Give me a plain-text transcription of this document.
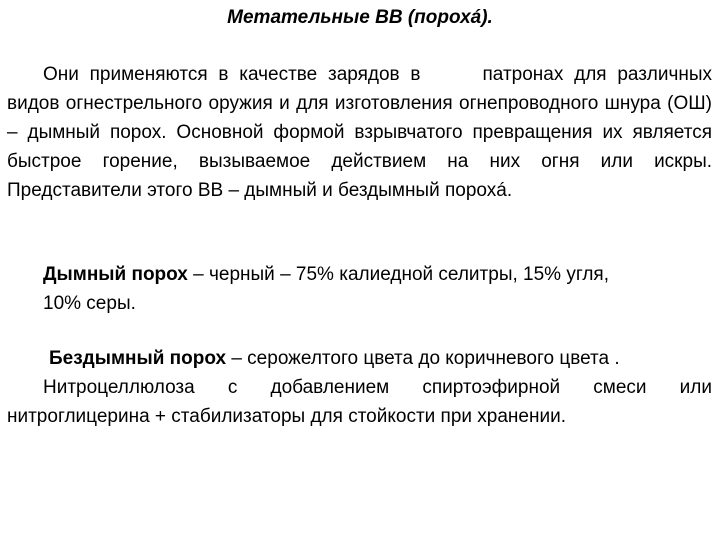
Метательные ВВ (порохá).

Они применяются в качестве зарядов в	патронах для различных видов огнестрельного оружия и для изготовления огнепроводного шнура (ОШ) – дымный порох. Основной формой взрывчатого превращения их является быстрое горение, вызываемое действием на них огня или искры. Представители этого ВВ – дымный и бездымный порохá.

Дымный порох – черный – 75% калиедной селитры, 15% угля,
10% серы.

Бездымный порох – серожелтого цвета до коричневого цвета .

Нитроцеллюлоза с добавлением спиртоэфирной смеси или нитроглицерина + стабилизаторы для стойкости при хранении.
